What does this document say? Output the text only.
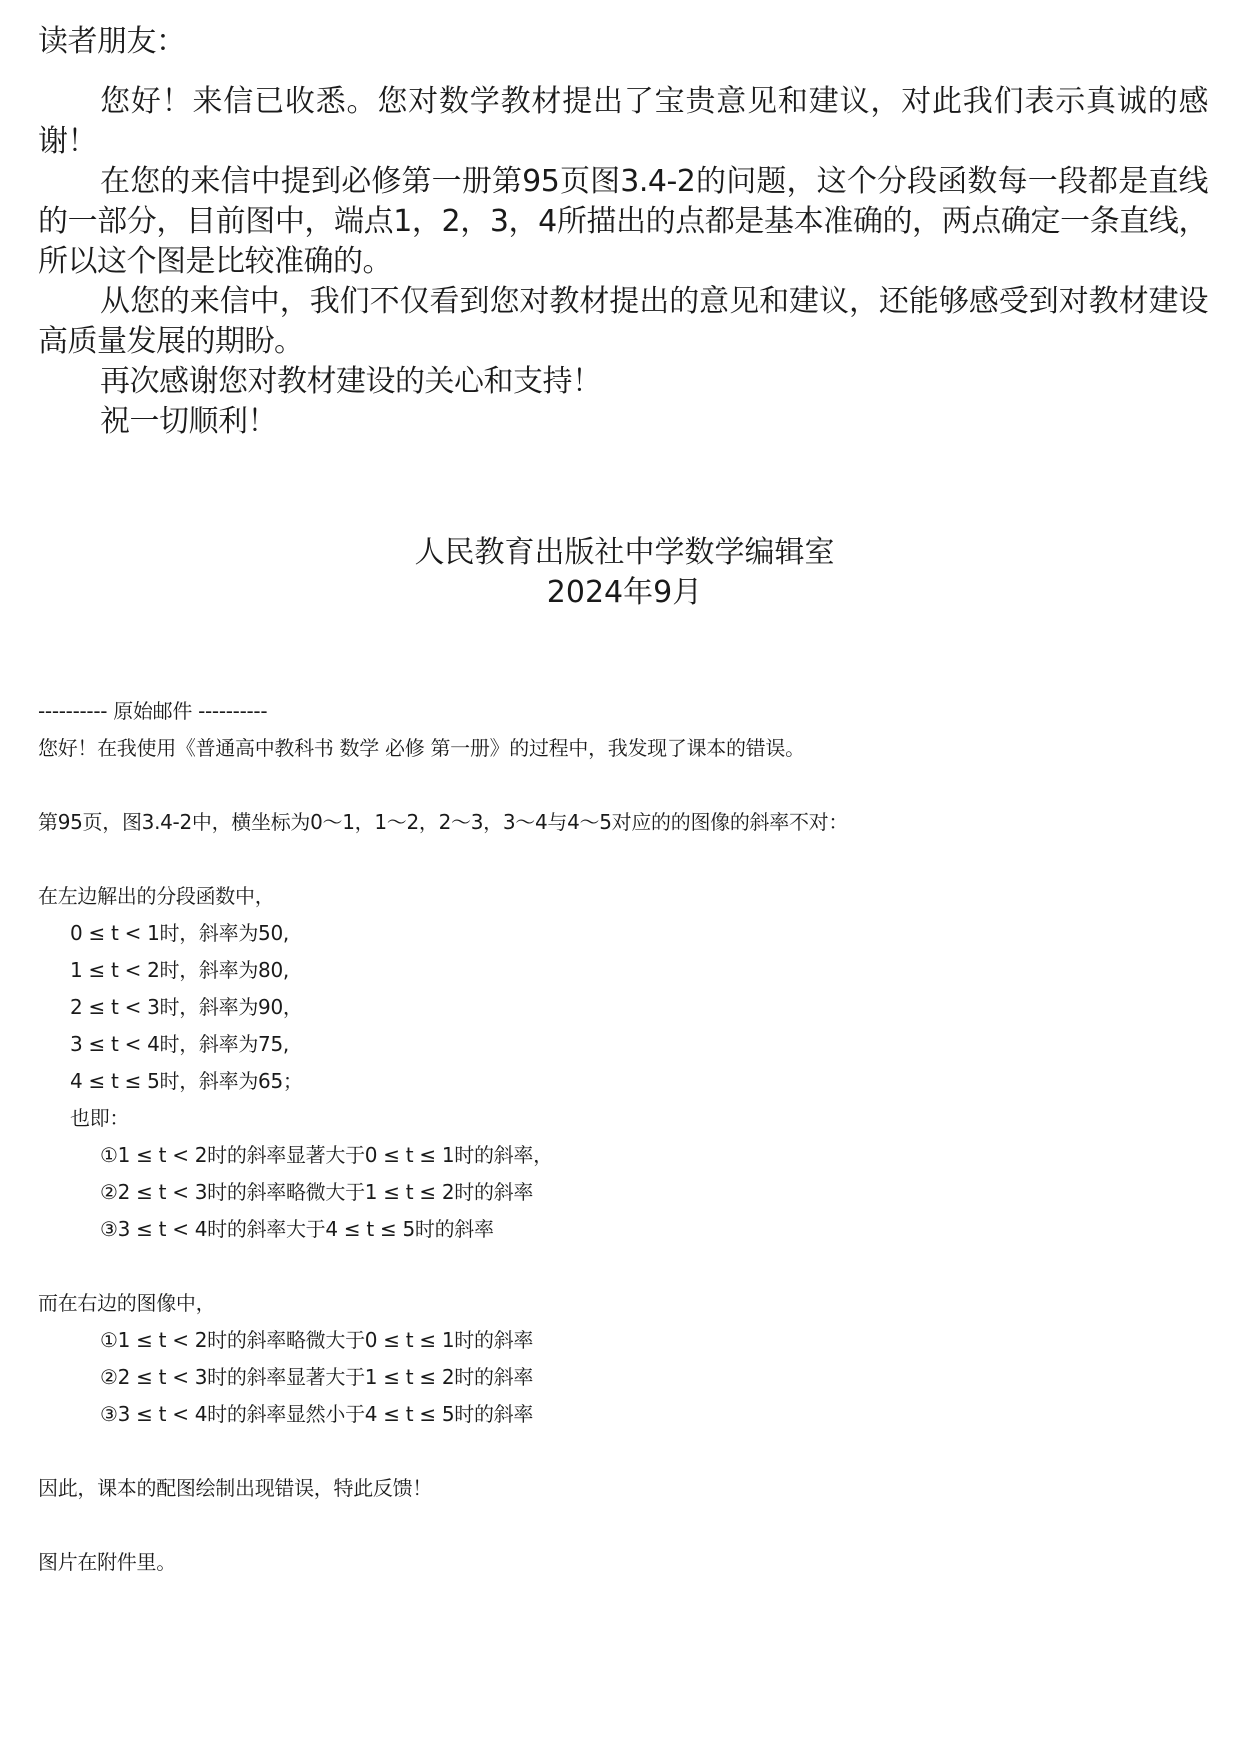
读者朋友：

您好！来信已收悉。您对数学教材提出了宝贵意见和建议，对此我们表示真诚的感谢！

在您的来信中提到必修第一册第95页图3.4-2的问题，这个分段函数每一段都是直线的一部分，目前图中，端点1，2，3，4所描出的点都是基本准确的，两点确定一条直线，所以这个图是比较准确的。

从您的来信中，我们不仅看到您对教材提出的意见和建议，还能够感受到对教材建设高质量发展的期盼。

再次感谢您对教材建设的关心和支持！

祝一切顺利！

人民教育出版社中学数学编辑室
2024年9月
---------- 原始邮件 ----------
您好！在我使用《普通高中教科书 数学 必修 第一册》的过程中，我发现了课本的错误。
第95页，图3.4-2中，横坐标为0～1，1～2，2～3，3～4与4～5对应的的图像的斜率不对：
在左边解出的分段函数中，
0 ≤ t < 1时，斜率为50,
1 ≤ t < 2时，斜率为80,
2 ≤ t < 3时，斜率为90，
3 ≤ t < 4时，斜率为75,
4 ≤ t ≤ 5时，斜率为65；
也即：
①1 ≤ t < 2时的斜率显著大于0 ≤ t ≤ 1时的斜率，
②2 ≤ t < 3时的斜率略微大于1 ≤ t ≤ 2时的斜率
③3 ≤ t < 4时的斜率大于4 ≤ t ≤ 5时的斜率
而在右边的图像中，
①1 ≤ t < 2时的斜率略微大于0 ≤ t ≤ 1时的斜率
②2 ≤ t < 3时的斜率显著大于1 ≤ t ≤ 2时的斜率
③3 ≤ t < 4时的斜率显然小于4 ≤ t ≤ 5时的斜率
因此，课本的配图绘制出现错误，特此反馈！
图片在附件里。
